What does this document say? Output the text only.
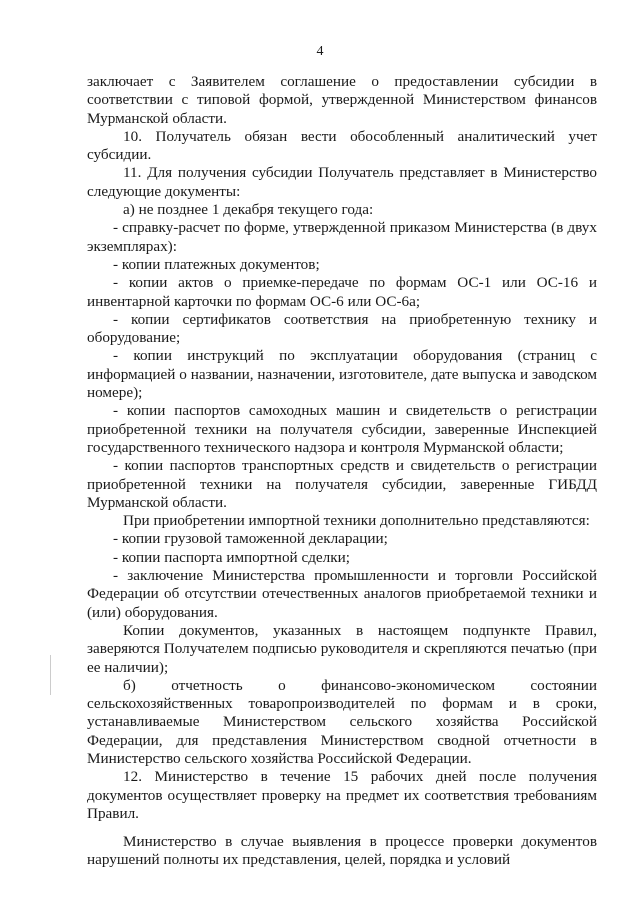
4

заключает с Заявителем соглашение о предоставлении субсидии в соответствии с типовой формой, утвержденной Министерством финансов Мурманской области.

10. Получатель обязан вести обособленный аналитический учет субсидии.

11. Для получения субсидии Получатель представляет в Министерство следующие документы:

а) не позднее 1 декабря текущего года:

- справку-расчет по форме, утвержденной приказом Министерства (в двух экземплярах):

- копии платежных документов;

- копии актов о приемке-передаче по формам ОС-1 или ОС-16 и инвентарной карточки по формам ОС-6 или ОС-6а;

- копии сертификатов соответствия на приобретенную технику и оборудование;

- копии инструкций по эксплуатации оборудования (страниц с информацией о названии, назначении, изготовителе, дате выпуска и заводском номере);

- копии паспортов самоходных машин и свидетельств о регистрации приобретенной техники на получателя субсидии, заверенные Инспекцией государственного технического надзора и контроля Мурманской области;

- копии паспортов транспортных средств и свидетельств о регистрации приобретенной техники на получателя субсидии, заверенные ГИБДД Мурманской области.

При приобретении импортной техники дополнительно представляются:

- копии грузовой таможенной декларации;

- копии паспорта импортной сделки;

- заключение Министерства промышленности и торговли Российской Федерации об отсутствии отечественных аналогов приобретаемой техники и (или) оборудования.

Копии документов, указанных в настоящем подпункте Правил, заверяются Получателем подписью руководителя и скрепляются печатью (при ее наличии);

б) отчетность о финансово-экономическом состоянии

сельскохозяйственных товаропроизводителей по формам и в сроки, устанавливаемые Министерством сельского хозяйства Российской Федерации, для представления Министерством сводной отчетности в Министерство сельского хозяйства Российской Федерации.

12. Министерство в течение 15 рабочих дней после получения документов осуществляет проверку на предмет их соответствия требованиям Правил.

Министерство в случае выявления в процессе проверки документов нарушений полноты их представления, целей, порядка и условий
